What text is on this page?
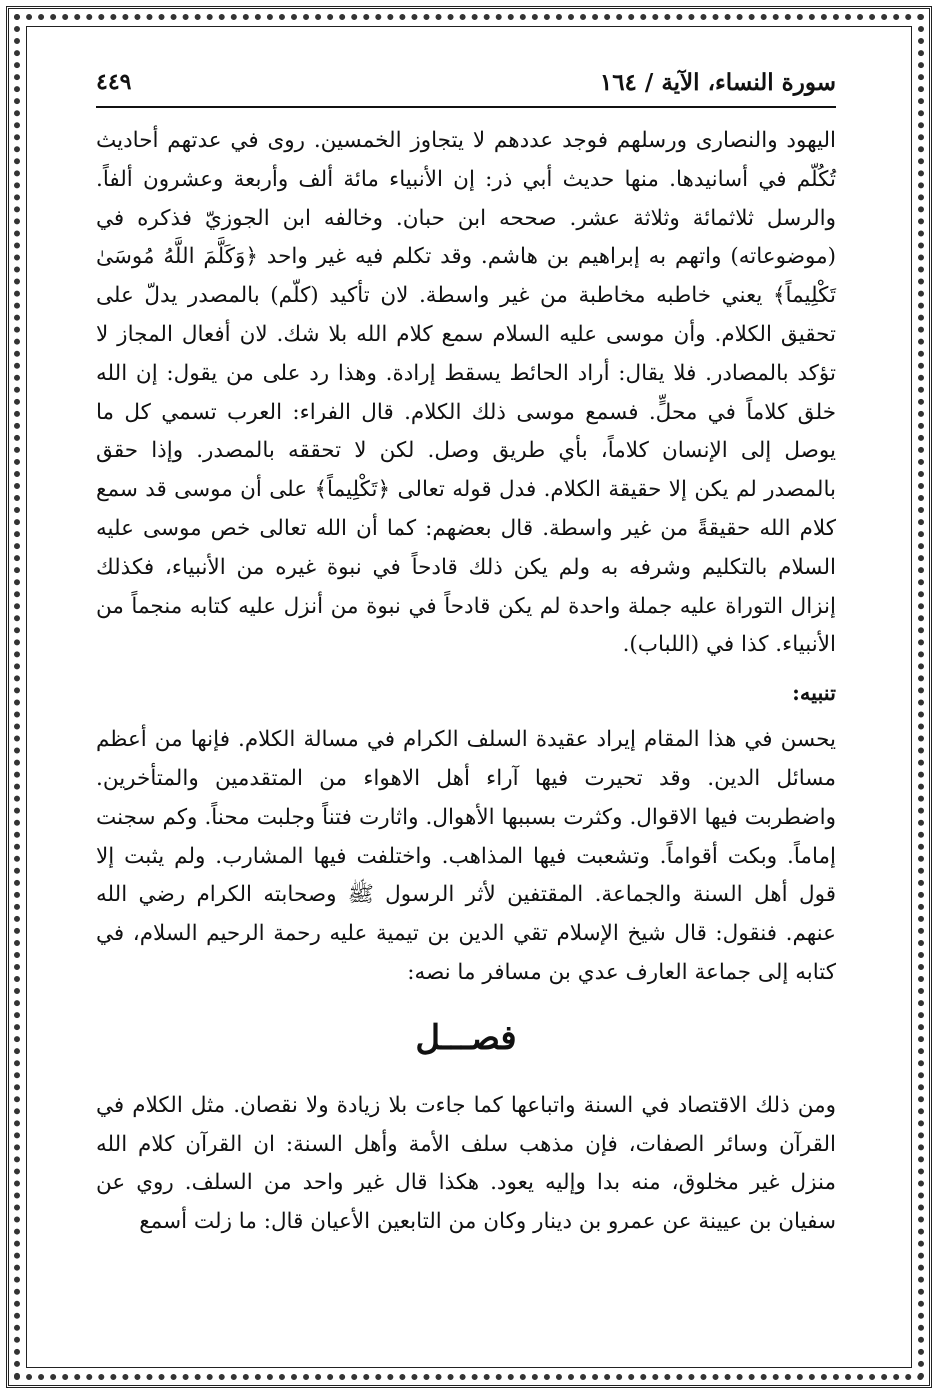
سورة النساء، الآية / ١٦٤
٤٤٩

اليهود والنصارى ورسلهم فوجد عددهم لا يتجاوز الخمسين. روى في عدتهم أحاديث تُكُلّم في أسانيدها. منها حديث أبي ذر: إن الأنبياء مائة ألف وأربعة وعشرون ألفاً. والرسل ثلاثمائة وثلاثة عشر. صححه ابن حبان. وخالفه ابن الجوزيّ فذكره في (موضوعاته) واتهم به إبراهيم بن هاشم. وقد تكلم فيه غير واحد ﴿وَكَلَّمَ اللَّهُ مُوسَىٰ تَكْلِيماً﴾ يعني خاطبه مخاطبة من غير واسطة. لان تأكيد (كلّم) بالمصدر يدلّ على تحقيق الكلام. وأن موسى عليه السلام سمع كلام الله بلا شك. لان أفعال المجاز لا تؤكد بالمصادر. فلا يقال: أراد الحائط يسقط إرادة. وهذا رد على من يقول: إن الله خلق كلاماً في محلٍّ. فسمع موسى ذلك الكلام. قال الفراء: العرب تسمي كل ما يوصل إلى الإنسان كلاماً، بأي طريق وصل. لكن لا تحققه بالمصدر. وإذا حقق بالمصدر لم يكن إلا حقيقة الكلام. فدل قوله تعالى ﴿تَكْلِيماً﴾ على أن موسى قد سمع كلام الله حقيقةً من غير واسطة. قال بعضهم: كما أن الله تعالى خص موسى عليه السلام بالتكليم وشرفه به ولم يكن ذلك قادحاً في نبوة غيره من الأنبياء، فكذلك إنزال التوراة عليه جملة واحدة لم يكن قادحاً في نبوة من أنزل عليه كتابه منجماً من الأنبياء. كذا في (اللباب).

تنبيه:

يحسن في هذا المقام إيراد عقيدة السلف الكرام في مسالة الكلام. فإنها من أعظم مسائل الدين. وقد تحيرت فيها آراء أهل الاهواء من المتقدمين والمتأخرين. واضطربت فيها الاقوال. وكثرت بسببها الأهوال. واثارت فتناً وجلبت محناً. وكم سجنت إماماً. وبكت أقواماً. وتشعبت فيها المذاهب. واختلفت فيها المشارب. ولم يثبت إلا قول أهل السنة والجماعة. المقتفين لأثر الرسول ﷺ وصحابته الكرام رضي الله عنهم. فنقول: قال شيخ الإسلام تقي الدين بن تيمية عليه رحمة الرحيم السلام، في كتابه إلى جماعة العارف عدي بن مسافر ما نصه:

فصـــل

ومن ذلك الاقتصاد في السنة واتباعها كما جاءت بلا زيادة ولا نقصان. مثل الكلام في القرآن وسائر الصفات، فإن مذهب سلف الأمة وأهل السنة: ان القرآن كلام الله منزل غير مخلوق، منه بدا وإليه يعود. هكذا قال غير واحد من السلف. روي عن سفيان بن عيينة عن عمرو بن دينار وكان من التابعين الأعيان قال: ما زلت أسمع
